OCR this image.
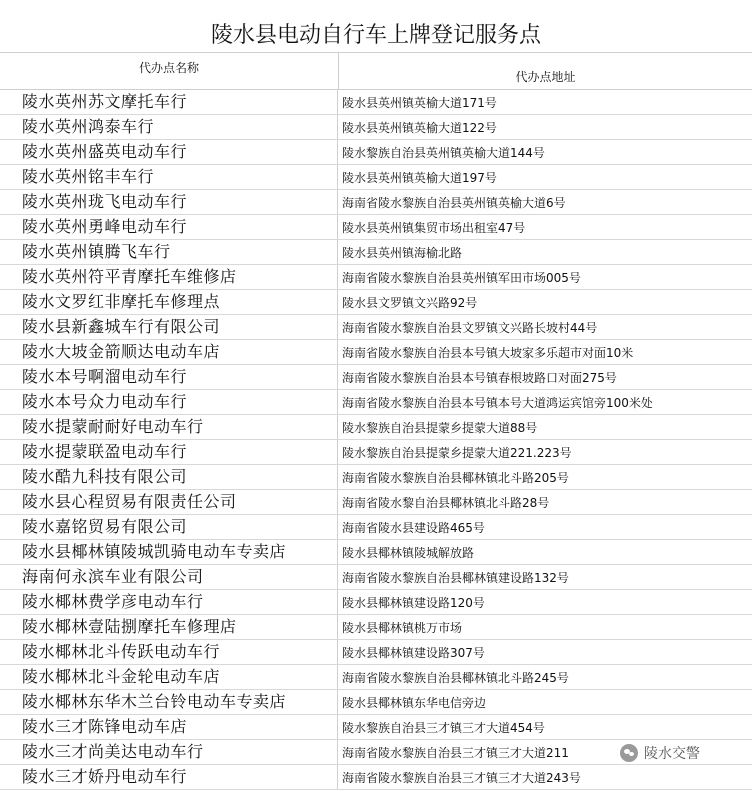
陵水县电动自行车上牌登记服务点
代办点名称
代办点地址
陵水英州苏文摩托车行	陵水县英州镇英榆大道171号
陵水英州鸿泰车行	陵水县英州镇英榆大道122号
陵水英州盛英电动车行	陵水黎族自治县英州镇英榆大道144号
陵水英州铭丰车行	陵水县英州镇英榆大道197号
陵水英州珑飞电动车行	海南省陵水黎族自治县英州镇英榆大道6号
陵水英州勇峰电动车行	陵水县英州镇集贸市场出租室47号
陵水英州镇腾飞车行	陵水县英州镇海榆北路
陵水英州符平青摩托车维修店	海南省陵水黎族自治县英州镇军田市场005号
陵水文罗红非摩托车修理点	陵水县文罗镇文兴路92号
陵水县新鑫城车行有限公司	海南省陵水黎族自治县文罗镇文兴路长坡村44号
陵水大坡金箭顺达电动车店	海南省陵水黎族自治县本号镇大坡家多乐超市对面10米
陵水本号啊溜电动车行	海南省陵水黎族自治县本号镇春根坡路口对面275号
陵水本号众力电动车行	海南省陵水黎族自治县本号镇本号大道鸿运宾馆旁100米处
陵水提蒙耐耐好电动车行	陵水黎族自治县提蒙乡提蒙大道88号
陵水提蒙联盈电动车行	陵水黎族自治县提蒙乡提蒙大道221.223号
陵水酷九科技有限公司	海南省陵水黎族自治县椰林镇北斗路205号
陵水县心程贸易有限责任公司	海南省陵水黎自治县椰林镇北斗路28号
陵水嘉铭贸易有限公司	海南省陵水县建设路465号
陵水县椰林镇陵城凯骑电动车专卖店	陵水县椰林镇陵城解放路
海南何永滨车业有限公司	海南省陵水黎族自治县椰林镇建设路132号
陵水椰林费学彦电动车行	陵水县椰林镇建设路120号
陵水椰林壹陆捌摩托车修理店	陵水县椰林镇桃万市场
陵水椰林北斗传跃电动车行	陵水县椰林镇建设路307号
陵水椰林北斗金轮电动车店	海南省陵水黎族自治县椰林镇北斗路245号
陵水椰林东华木兰台铃电动车专卖店	陵水县椰林镇东华电信旁边
陵水三才陈锋电动车店	陵水黎族自治县三才镇三才大道454号
陵水三才尚美达电动车行	海南省陵水黎族自治县三才镇三才大道211
陵水三才娇丹电动车行	海南省陵水黎族自治县三才镇三才大道243号
陵水交警
